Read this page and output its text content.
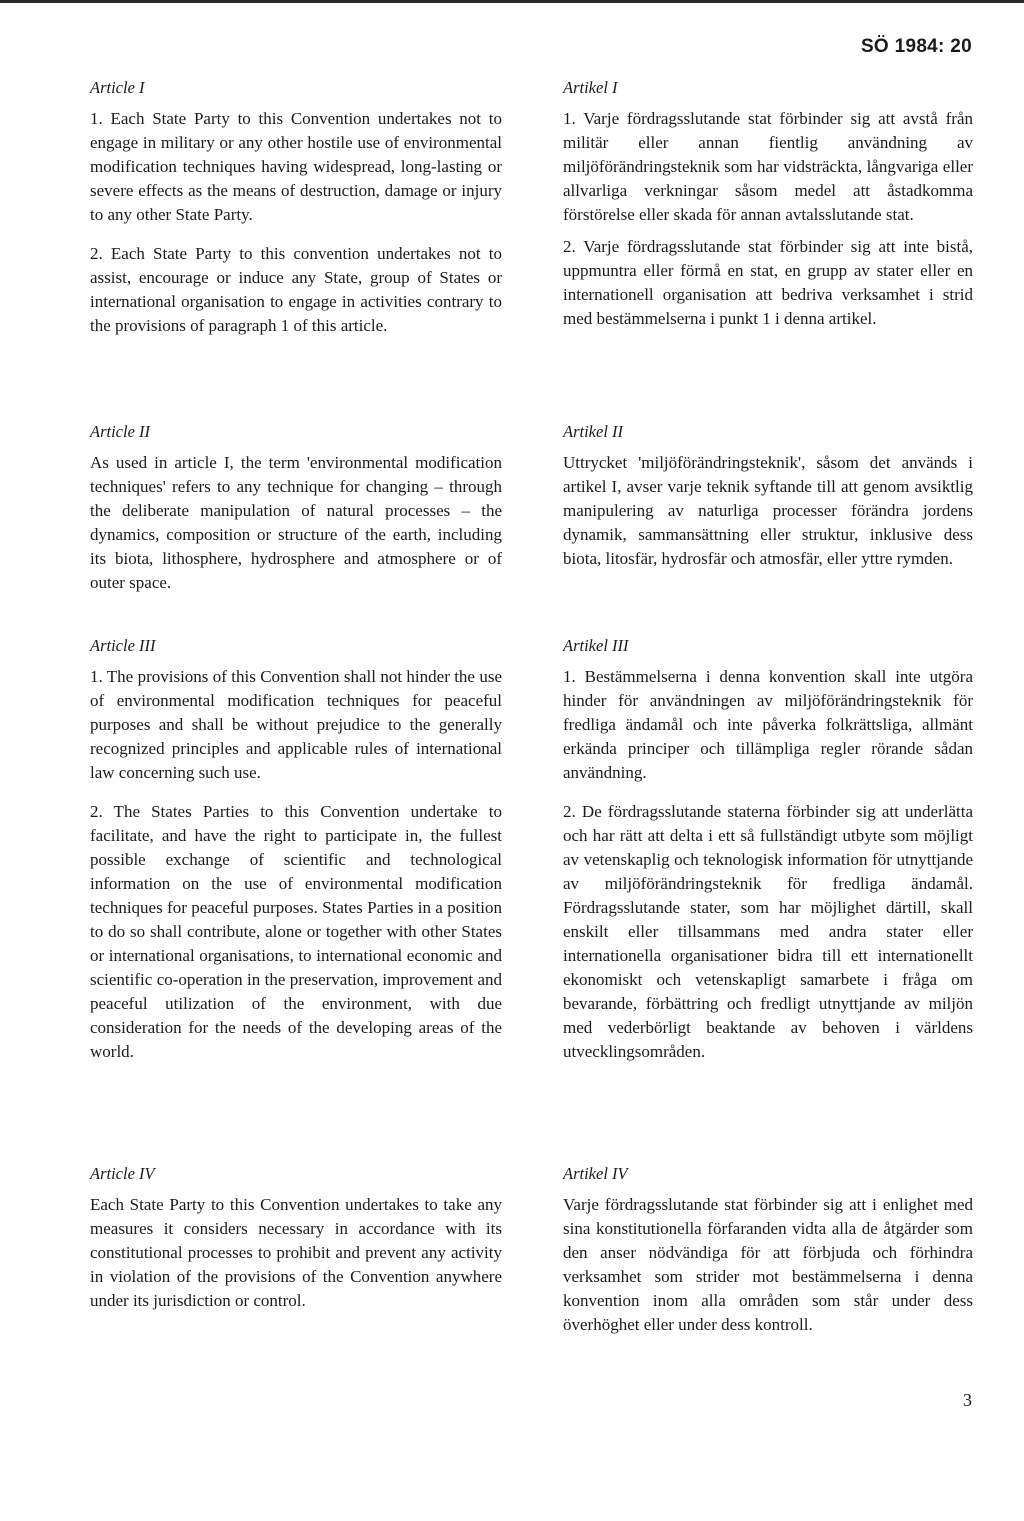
SÖ 1984: 20
Article I

1. Each State Party to this Convention undertakes not to engage in military or any other hostile use of environmental modification techniques having widespread, long-lasting or severe effects as the means of destruction, damage or injury to any other State Party.

2. Each State Party to this convention undertakes not to assist, encourage or induce any State, group of States or international organisation to engage in activities contrary to the provisions of paragraph 1 of this article.

Article II

As used in article I, the term 'environmental modification techniques' refers to any technique for changing – through the deliberate manipulation of natural processes – the dynamics, composition or structure of the earth, including its biota, lithosphere, hydrosphere and atmosphere or of outer space.

Article III

1. The provisions of this Convention shall not hinder the use of environmental modification techniques for peaceful purposes and shall be without prejudice to the generally recognized principles and applicable rules of international law concerning such use.

2. The States Parties to this Convention undertake to facilitate, and have the right to participate in, the fullest possible exchange of scientific and technological information on the use of environmental modification techniques for peaceful purposes. States Parties in a position to do so shall contribute, alone or together with other States or international organisations, to international economic and scientific co-operation in the preservation, improvement and peaceful utilization of the environment, with due consideration for the needs of the developing areas of the world.

Article IV

Each State Party to this Convention undertakes to take any measures it considers necessary in accordance with its constitutional processes to prohibit and prevent any activity in violation of the provisions of the Convention anywhere under its jurisdiction or control.

Artikel I

1. Varje fördragsslutande stat förbinder sig att avstå från militär eller annan fientlig användning av miljöförändringsteknik som har vidsträckta, långvariga eller allvarliga verkningar såsom medel att åstadkomma förstörelse eller skada för annan avtalsslutande stat.

2. Varje fördragsslutande stat förbinder sig att inte bistå, uppmuntra eller förmå en stat, en grupp av stater eller en internationell organisation att bedriva verksamhet i strid med bestämmelserna i punkt 1 i denna artikel.

Artikel II

Uttrycket 'miljöförändringsteknik', såsom det används i artikel I, avser varje teknik syftande till att genom avsiktlig manipulering av naturliga processer förändra jordens dynamik, sammansättning eller struktur, inklusive dess biota, litosfär, hydrosfär och atmosfär, eller yttre rymden.

Artikel III

1. Bestämmelserna i denna konvention skall inte utgöra hinder för användningen av miljöförändringsteknik för fredliga ändamål och inte påverka folkrättsliga, allmänt erkända principer och tillämpliga regler rörande sådan användning.

2. De fördragsslutande staterna förbinder sig att underlätta och har rätt att delta i ett så fullständigt utbyte som möjligt av vetenskaplig och teknologisk information för utnyttjande av miljöförändringsteknik för fredliga ändamål. Fördragsslutande stater, som har möjlighet därtill, skall enskilt eller tillsammans med andra stater eller internationella organisationer bidra till ett internationellt ekonomiskt och vetenskapligt samarbete i fråga om bevarande, förbättring och fredligt utnyttjande av miljön med vederbörligt beaktande av behoven i världens utvecklingsområden.

Artikel IV

Varje fördragsslutande stat förbinder sig att i enlighet med sina konstitutionella förfaranden vidta alla de åtgärder som den anser nödvändiga för att förbjuda och förhindra verksamhet som strider mot bestämmelserna i denna konvention inom alla områden som står under dess överhöghet eller under dess kontroll.

3
